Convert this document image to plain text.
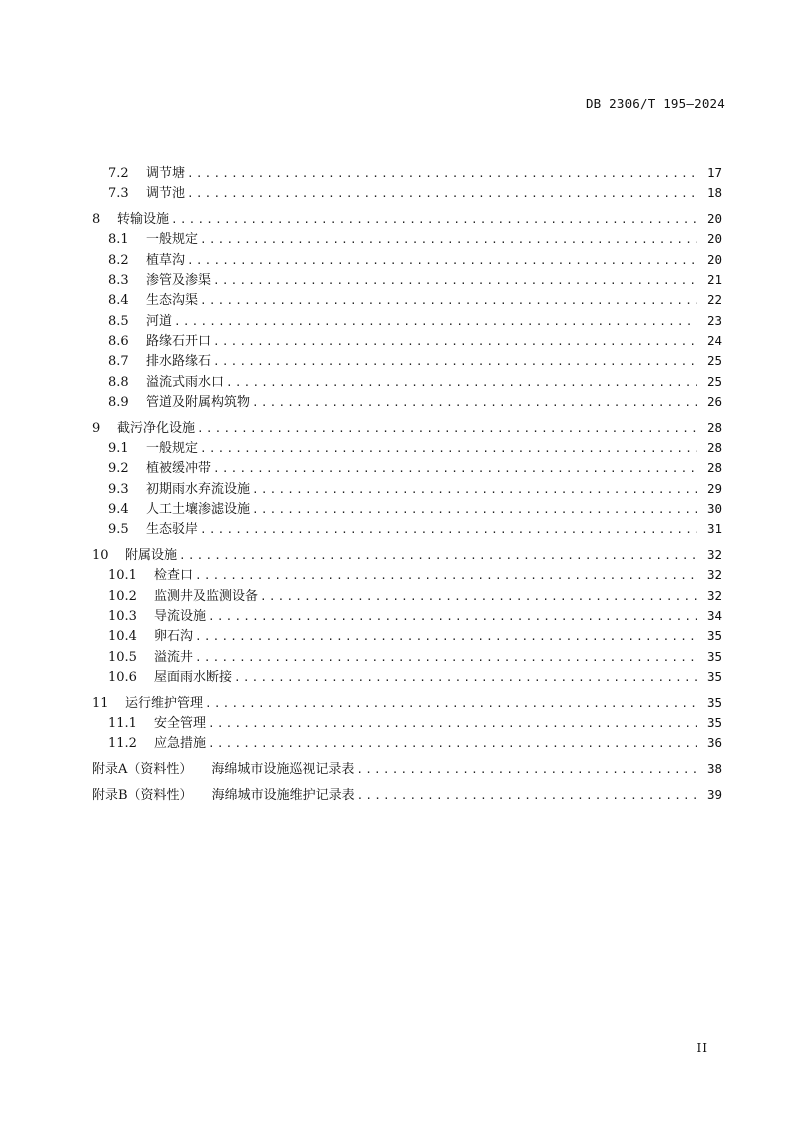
DB 2306/T 195—2024
7.2	调节塘 .....	17
7.3	调节池 .....	18
8	转输设施 .....	20
8.1	一般规定 .....	20
8.2	植草沟 .....	20
8.3	渗管及渗渠 .....	21
8.4	生态沟渠 .....	22
8.5	河道 .....	23
8.6	路缘石开口 .....	24
8.7	排水路缘石 .....	25
8.8	溢流式雨水口 .....	25
8.9	管道及附属构筑物 .....	26
9	截污净化设施 .....	28
9.1	一般规定 .....	28
9.2	植被缓冲带 .....	28
9.3	初期雨水弃流设施 .....	29
9.4	人工土壤渗滤设施 .....	30
9.5	生态驳岸 .....	31
10	附属设施 .....	32
10.1	检查口 .....	32
10.2	监测井及监测设备 .....	32
10.3	导流设施 .....	34
10.4	卵石沟 .....	35
10.5	溢流井 .....	35
10.6	屋面雨水断接 .....	35
11	运行维护管理 .....	35
11.1	安全管理 .....	35
11.2	应急措施 .....	36
附录A（资料性） 海绵城市设施巡视记录表 .....	38
附录B（资料性） 海绵城市设施维护记录表 .....	39
II
